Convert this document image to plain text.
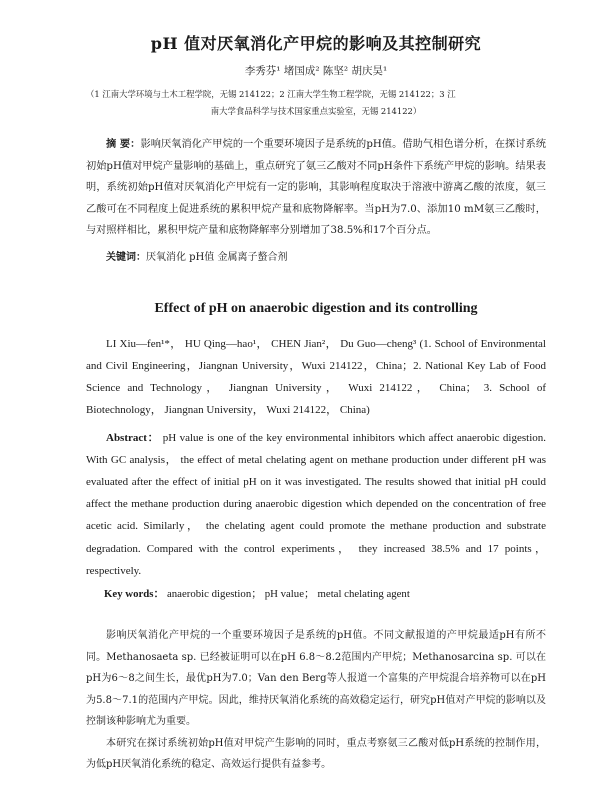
pH 值对厌氧消化产甲烷的影响及其控制研究
李秀芬¹ 堵国成² 陈坚² 胡庆昊¹
（1 江南大学环境与土木工程学院，无锡 214122；2 江南大学生物工程学院，无锡 214122；3 江
南大学食品科学与技术国家重点实验室，无锡 214122）
摘 要：影响厌氧消化产甲烷的一个重要环境因子是系统的pH值。借助气相色谱分析，在探讨系统初始pH值对甲烷产量影响的基础上，重点研究了氨三乙酸对不同pH条件下系统产甲烷的影响。结果表明，系统初始pH值对厌氧消化产甲烷有一定的影响，其影响程度取决于溶液中游离乙酸的浓度，氨三乙酸可在不同程度上促进系统的累积甲烷产量和底物降解率。当pH为7.0、添加10 mM氨三乙酸时，与对照样相比，累积甲烷产量和底物降解率分别增加了38.5%和17个百分点。
关键词：厌氧消化 pH值 金属离子螯合剂
Effect of pH on anaerobic digestion and its controlling
LI Xiu—fen¹*， HU Qing—hao¹， CHEN Jian²， Du Guo—cheng³ (1. School of Environmental and Civil Engineering，Jiangnan University，Wuxi 214122，China；2. National Key Lab of Food Science and Technology， Jiangnan University， Wuxi 214122， China； 3. School of Biotechnology， Jiangnan University， Wuxi 214122， China)
Abstract： pH value is one of the key environmental inhibitors which affect anaerobic digestion. With GC analysis， the effect of metal chelating agent on methane production under different pH was evaluated after the effect of initial pH on it was investigated. The results showed that initial pH could affect the methane production during anaerobic digestion which depended on the concentration of free acetic acid. Similarly， the chelating agent could promote the methane production and substrate degradation. Compared with the control experiments， they increased 38.5% and 17 points， respectively.
Key words： anaerobic digestion； pH value； metal chelating agent

影响厌氧消化产甲烷的一个重要环境因子是系统的pH值。不同文献报道的产甲烷最适pH有所不同。Methanosaeta sp. 已经被证明可以在pH 6.8～8.2范围内产甲烷；Methanosarcina sp. 可以在pH为6～8之间生长，最优pH为7.0；Van den Berg等人报道一个富集的产甲烷混合培养物可以在pH为5.8～7.1的范围内产甲烷。因此，维持厌氧消化系统的高效稳定运行，研究pH值对产甲烷的影响以及控制该种影响尤为重要。

本研究在探讨系统初始pH值对甲烷产生影响的同时，重点考察氨三乙酸对低pH系统的控制作用，为低pH厌氧消化系统的稳定、高效运行提供有益参考。
